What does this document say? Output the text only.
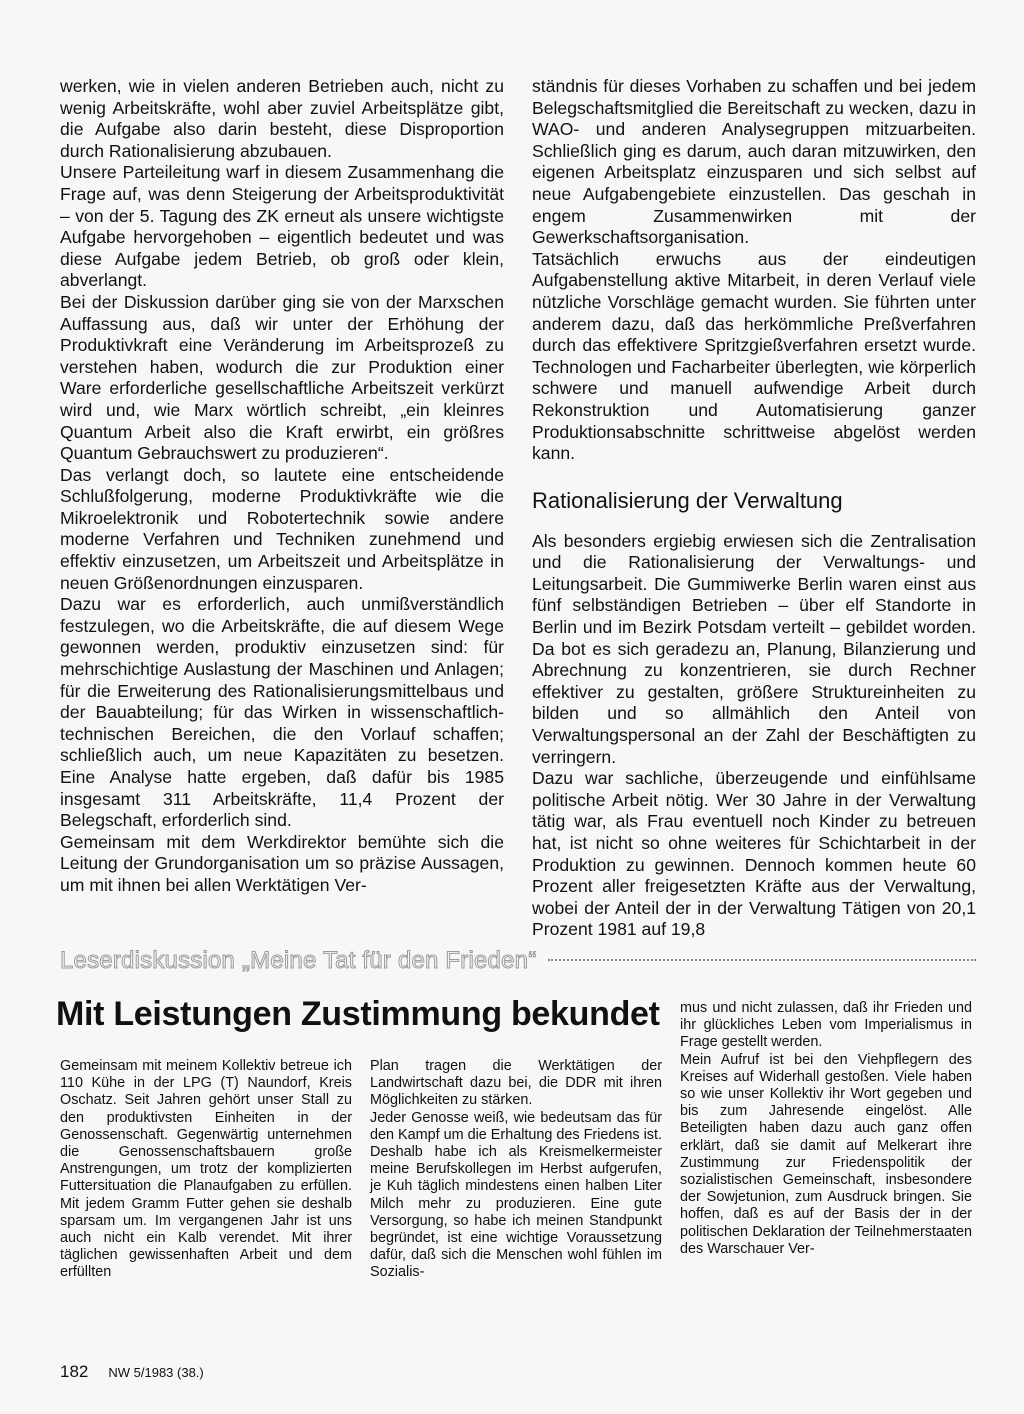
werken, wie in vielen anderen Betrieben auch, nicht zu wenig Arbeitskräfte, wohl aber zuviel Arbeitsplätze gibt, die Aufgabe also darin besteht, diese Disproportion durch Rationalisierung abzubauen.

Unsere Parteileitung warf in diesem Zusammenhang die Frage auf, was denn Steigerung der Arbeitsproduktivität – von der 5. Tagung des ZK erneut als unsere wichtigste Aufgabe hervorgehoben – eigentlich bedeutet und was diese Aufgabe jedem Betrieb, ob groß oder klein, abverlangt.

Bei der Diskussion darüber ging sie von der Marxschen Auffassung aus, daß wir unter der Erhöhung der Produktivkraft eine Veränderung im Arbeitsprozeß zu verstehen haben, wodurch die zur Produktion einer Ware erforderliche gesellschaftliche Arbeitszeit verkürzt wird und, wie Marx wörtlich schreibt, „ein kleinres Quantum Arbeit also die Kraft erwirbt, ein größres Quantum Gebrauchswert zu produzieren“.

Das verlangt doch, so lautete eine entscheidende Schlußfolgerung, moderne Produktivkräfte wie die Mikroelektronik und Robotertechnik sowie andere moderne Verfahren und Techniken zunehmend und effektiv einzusetzen, um Arbeitszeit und Arbeitsplätze in neuen Größenordnungen einzusparen.

Dazu war es erforderlich, auch unmißverständlich festzulegen, wo die Arbeitskräfte, die auf diesem Wege gewonnen werden, produktiv einzusetzen sind: für mehrschichtige Auslastung der Maschinen und Anlagen; für die Erweiterung des Rationalisierungsmittelbaus und der Bauabteilung; für das Wirken in wissenschaftlich-technischen Bereichen, die den Vorlauf schaffen; schließlich auch, um neue Kapazitäten zu besetzen. Eine Analyse hatte ergeben, daß dafür bis 1985 insgesamt 311 Arbeitskräfte, 11,4 Prozent der Belegschaft, erforderlich sind.

Gemeinsam mit dem Werkdirektor bemühte sich die Leitung der Grundorganisation um so präzise Aussagen, um mit ihnen bei allen Werktätigen Ver-

ständnis für dieses Vorhaben zu schaffen und bei jedem Belegschaftsmitglied die Bereitschaft zu wecken, dazu in WAO- und anderen Analysegruppen mitzuarbeiten. Schließlich ging es darum, auch daran mitzuwirken, den eigenen Arbeitsplatz einzusparen und sich selbst auf neue Aufgabengebiete einzustellen. Das geschah in engem Zusammenwirken mit der Gewerkschaftsorganisation.

Tatsächlich erwuchs aus der eindeutigen Aufgabenstellung aktive Mitarbeit, in deren Verlauf viele nützliche Vorschläge gemacht wurden. Sie führten unter anderem dazu, daß das herkömmliche Preßverfahren durch das effektivere Spritzgießverfahren ersetzt wurde. Technologen und Facharbeiter überlegten, wie körperlich schwere und manuell aufwendige Arbeit durch Rekonstruktion und Automatisierung ganzer Produktionsabschnitte schrittweise abgelöst werden kann.

Rationalisierung der Verwaltung

Als besonders ergiebig erwiesen sich die Zentralisation und die Rationalisierung der Verwaltungs- und Leitungsarbeit. Die Gummiwerke Berlin waren einst aus fünf selbständigen Betrieben – über elf Standorte in Berlin und im Bezirk Potsdam verteilt – gebildet worden. Da bot es sich geradezu an, Planung, Bilanzierung und Abrechnung zu konzentrieren, sie durch Rechner effektiver zu gestalten, größere Struktureinheiten zu bilden und so allmählich den Anteil von Verwaltungspersonal an der Zahl der Beschäftigten zu verringern.

Dazu war sachliche, überzeugende und einfühlsame politische Arbeit nötig. Wer 30 Jahre in der Verwaltung tätig war, als Frau eventuell noch Kinder zu betreuen hat, ist nicht so ohne weiteres für Schichtarbeit in der Produktion zu gewinnen. Dennoch kommen heute 60 Prozent aller freigesetzten Kräfte aus der Verwaltung, wobei der Anteil der in der Verwaltung Tätigen von 20,1 Prozent 1981 auf 19,8

Leserdiskussion „Meine Tat für den Frieden“
Mit Leistungen Zustimmung bekundet

Gemeinsam mit meinem Kollektiv betreue ich 110 Kühe in der LPG (T) Naundorf, Kreis Oschatz. Seit Jahren gehört unser Stall zu den produktivsten Einheiten in der Genossenschaft. Gegenwärtig unternehmen die Genossenschaftsbauern große Anstrengungen, um trotz der komplizierten Futtersituation die Planaufgaben zu erfüllen. Mit jedem Gramm Futter gehen sie deshalb sparsam um. Im vergangenen Jahr ist uns auch nicht ein Kalb verendet. Mit ihrer täglichen gewissenhaften Arbeit und dem erfüllten

Plan tragen die Werktätigen der Landwirtschaft dazu bei, die DDR mit ihren Möglichkeiten zu stärken.

Jeder Genosse weiß, wie bedeutsam das für den Kampf um die Erhaltung des Friedens ist. Deshalb habe ich als Kreismelkermeister meine Berufskollegen im Herbst aufgerufen, je Kuh täglich mindestens einen halben Liter Milch mehr zu produzieren. Eine gute Versorgung, so habe ich meinen Standpunkt begründet, ist eine wichtige Voraussetzung dafür, daß sich die Menschen wohl fühlen im Sozialis-

mus und nicht zulassen, daß ihr Frieden und ihr glückliches Leben vom Imperialismus in Frage gestellt werden.

Mein Aufruf ist bei den Viehpflegern des Kreises auf Widerhall gestoßen. Viele haben so wie unser Kollektiv ihr Wort gegeben und bis zum Jahresende eingelöst. Alle Beteiligten haben dazu auch ganz offen erklärt, daß sie damit auf Melkerart ihre Zustimmung zur Friedenspolitik der sozialistischen Gemeinschaft, insbesondere der Sowjetunion, zum Ausdruck bringen. Sie hoffen, daß es auf der Basis der in der politischen Deklaration der Teilnehmerstaaten des Warschauer Ver-

182 NW 5/1983 (38.)
